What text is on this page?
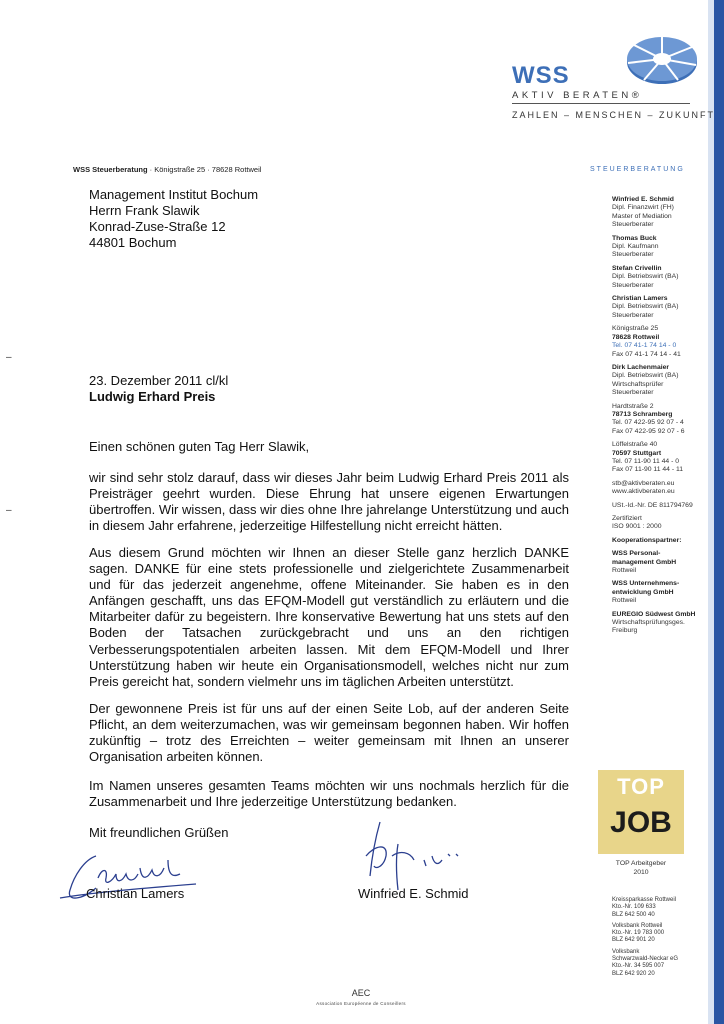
WSS
AKTIV BERATEN®
ZAHLEN – MENSCHEN – ZUKUNFT
WSS Steuerberatung · Königstraße 25 · 78628 Rottweil	STEUERBERATUNG
Management Institut Bochum
Herrn Frank Slawik
Konrad-Zuse-Straße 12
44801 Bochum
–
–
23. Dezember 2011 cl/kl
Ludwig Erhard Preis
Einen schönen guten Tag Herr Slawik,
wir sind sehr stolz darauf, dass wir dieses Jahr beim Ludwig Erhard Preis 2011 als Preisträger geehrt wurden. Diese Ehrung hat unsere eigenen Erwartungen übertroffen. Wir wissen, dass wir dies ohne Ihre jahrelange Unterstützung und auch in diesem Jahr erfahrene, jederzeitige Hilfestellung nicht erreicht hätten.
Aus diesem Grund möchten wir Ihnen an dieser Stelle ganz herzlich DANKE sagen. DANKE für eine stets professionelle und zielgerichtete Zusammenarbeit und für das jederzeit angenehme, offene Miteinander. Sie haben es in den Anfängen geschafft, uns das EFQM-Modell gut verständlich zu erläutern und die Mitarbeiter dafür zu begeistern. Ihre konservative Bewertung hat uns stets auf den Boden der Tatsachen zurückgebracht und uns an den richtigen Verbesserungspotentialen arbeiten lassen. Mit dem EFQM-Modell und Ihrer Unterstützung haben wir heute ein Organisationsmodell, welches nicht nur zum Preis gereicht hat, sondern vielmehr uns im täglichen Arbeiten unterstützt.
Der gewonnene Preis ist für uns auf der einen Seite Lob, auf der anderen Seite Pflicht, an dem weiterzumachen, was wir gemeinsam begonnen haben. Wir hoffen zukünftig – trotz des Erreichten – weiter gemeinsam mit Ihnen an unserer Organisation arbeiten können.
Im Namen unseres gesamten Teams möchten wir uns nochmals herzlich für die Zusammenarbeit und Ihre jederzeitige Unterstützung bedanken.
Mit freundlichen Grüßen
Christian Lamers	Winfried E. Schmid
Winfried E. Schmid
Dipl. Finanzwirt (FH)
Master of Mediation
Steuerberater
Thomas Buck
Dipl. Kaufmann
Steuerberater
Stefan Crivellin
Dipl. Betriebswirt (BA)
Steuerberater
Christian Lamers
Dipl. Betriebswirt (BA)
Steuerberater
Königstraße 25
78628 Rottweil
Tel. 07 41-1 74 14 - 0
Fax 07 41-1 74 14 - 41
Dirk Lachenmaier
Dipl. Betriebswirt (BA)
Wirtschaftsprüfer
Steuerberater
Hardtstraße 2
78713 Schramberg
Tel. 07 422-95 92 07 - 4
Fax 07 422-95 92 07 - 6
Löffelstraße 40
70597 Stuttgart
Tel. 07 11-90 11 44 - 0
Fax 07 11-90 11 44 - 11
stb@aktivberaten.eu
www.aktivberaten.eu
USt.-Id.-Nr. DE 811794769
Zertifiziert
ISO 9001 : 2000
Kooperationspartner:
WSS Personal-
management GmbH
Rottweil
WSS Unternehmens-
entwicklung GmbH
Rottweil
EUREGIO Südwest GmbH
Wirtschaftsprüfungsges.
Freiburg
TOP
JOB
TOP Arbeitgeber
2010
Kreissparkasse Rottweil
Kto.-Nr. 109 633
BLZ 642 500 40
Volksbank Rottweil
Kto.-Nr. 19 783 000
BLZ 642 901 20
Volksbank
Schwarzwald-Neckar eG
Kto.-Nr. 34 595 007
BLZ 642 920 20
AEC
Association Européenne de Conseillers
